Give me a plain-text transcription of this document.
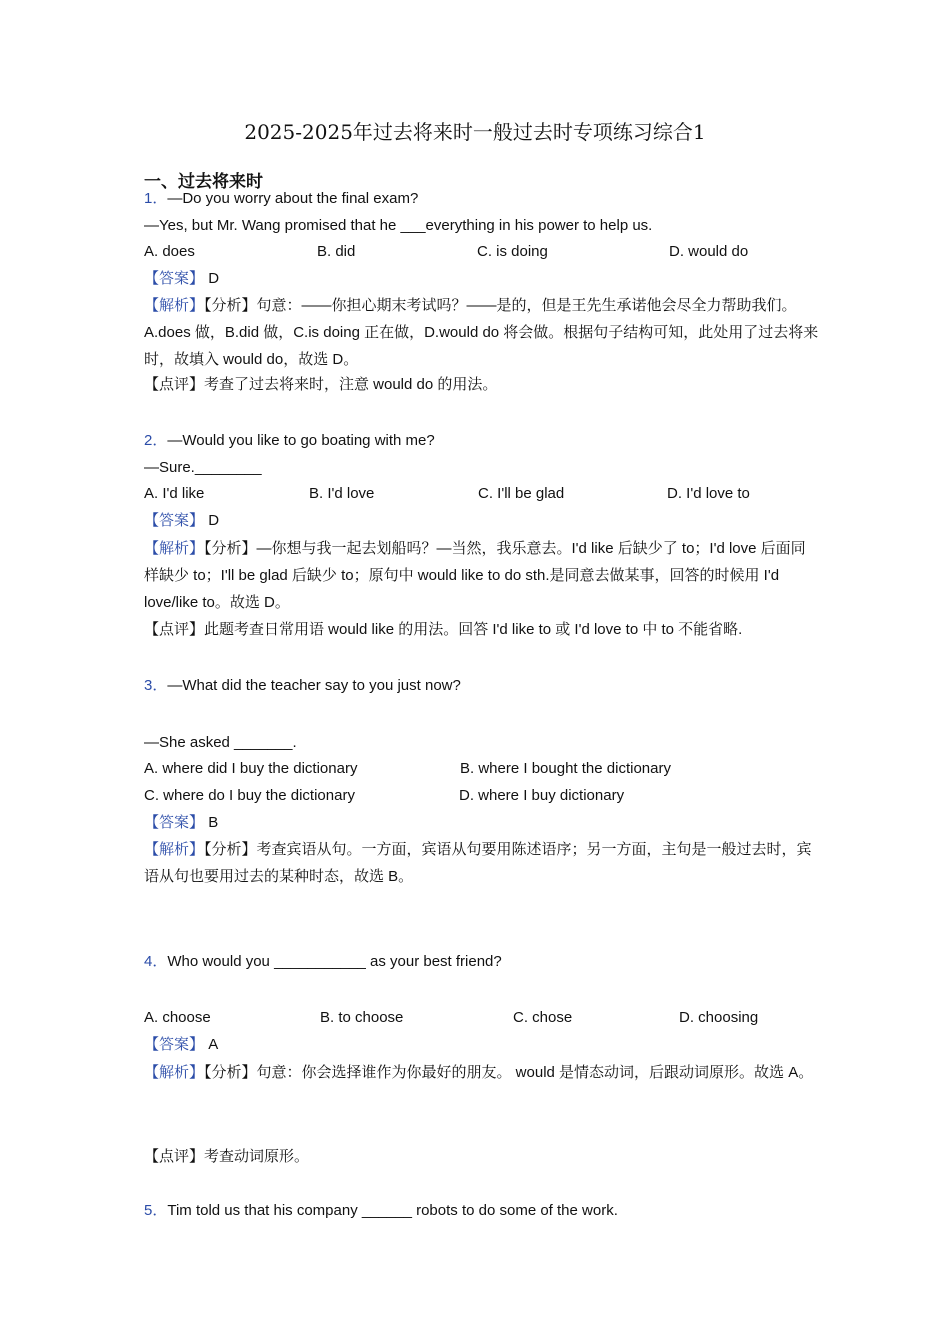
2025-2025年过去将来时一般过去时专项练习综合1
一、过去将来时
1．—Do you worry about the final exam?
—Yes, but Mr. Wang promised that he ___everything in his power to help us.
A. does	B. did	C. is doing	D. would do
【答案】 D
【解析】【分析】句意：——你担心期末考试吗？——是的，但是王先生承诺他会尽全力帮助我们。A.does 做，B.did 做，C.is doing 正在做，D.would do 将会做。根据句子结构可知，此处用了过去将来时，故填入 would do，故选 D。
【点评】考查了过去将来时，注意 would do 的用法。
2．—Would you like to go boating with me?
—Sure.________
A. I'd like	B. I'd love	C. I'll be glad	D. I'd love to
【答案】 D
【解析】【分析】—你想与我一起去划船吗？—当然，我乐意去。I'd like 后缺少了 to；I'd love 后面同样缺少 to；I'll be glad 后缺少 to；原句中 would like to do sth.是同意去做某事，回答的时候用 I'd love/like to。故选 D。
【点评】此题考查日常用语 would like 的用法。回答 I'd like to 或 I'd love to 中 to 不能省略.
3．—What did the teacher say to you just now?
—She asked _______.
A. where did I buy the dictionary	B. where I bought the dictionary
C. where do I buy the dictionary	D. where I buy dictionary
【答案】 B
【解析】【分析】考查宾语从句。一方面，宾语从句要用陈述语序；另一方面，主句是一般过去时，宾语从句也要用过去的某种时态，故选 B。
4．Who would you ___________ as your best friend?
A. choose	B. to choose	C. chose	D. choosing
【答案】 A
【解析】【分析】句意：你会选择谁作为你最好的朋友。 would 是情态动词，后跟动词原形。故选 A。
【点评】考查动词原形。
5．Tim told us that his company ______ robots to do some of the work.
